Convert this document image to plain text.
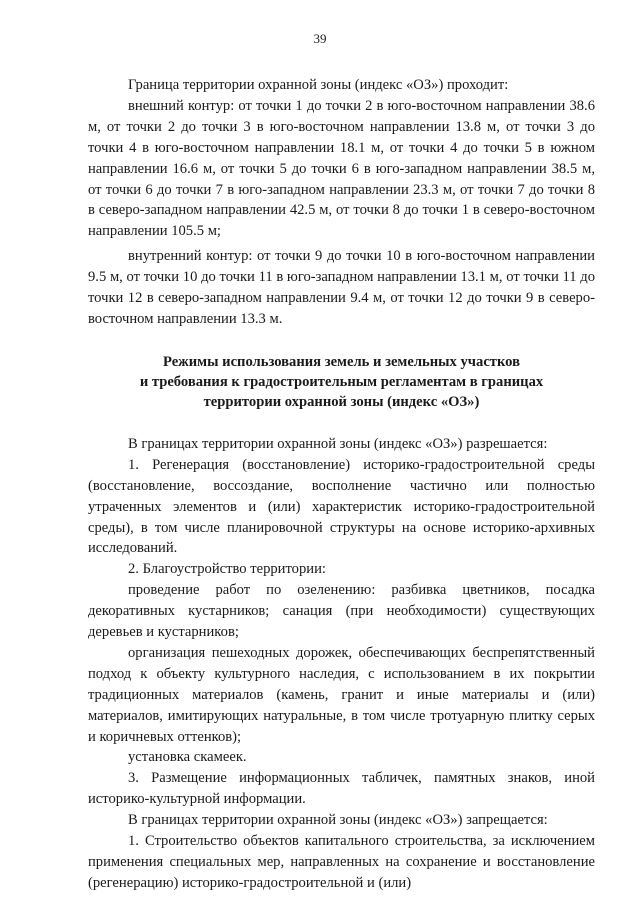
39

Граница территории охранной зоны (индекс «ОЗ») проходит:

внешний контур: от точки 1 до точки 2 в юго-восточном направлении 38.6 м, от точки 2 до точки 3 в юго-восточном направлении 13.8 м, от точки 3 до точки 4 в юго-восточном направлении 18.1 м, от точки 4 до точки 5 в южном направлении 16.6 м, от точки 5 до точки 6 в юго-западном направлении 38.5 м, от точки 6 до точки 7 в юго-западном направлении 23.3 м, от точки 7 до точки 8 в северо-западном направлении 42.5 м, от точки 8 до точки 1 в северо-восточном направлении 105.5 м;

внутренний контур: от точки 9 до точки 10 в юго-восточном направлении 9.5 м, от точки 10 до точки 11 в юго-западном направлении 13.1 м, от точки 11 до точки 12 в северо-западном направлении 9.4 м, от точки 12 до точки 9 в северо-восточном направлении 13.3 м.

Режимы использования земель и земельных участков
и требования к градостроительным регламентам в границах
территории охранной зоны (индекс «ОЗ»)

В границах территории охранной зоны (индекс «ОЗ») разрешается:

1. Регенерация (восстановление) историко-градостроительной среды (восстановление, воссоздание, восполнение частично или полностью утраченных элементов и (или) характеристик историко-градостроительной среды), в том числе планировочной структуры на основе историко-архивных исследований.

2. Благоустройство территории:

проведение работ по озеленению: разбивка цветников, посадка декоративных кустарников; санация (при необходимости) существующих деревьев и кустарников;

организация пешеходных дорожек, обеспечивающих беспрепятственный подход к объекту культурного наследия, с использованием в их покрытии традиционных материалов (камень, гранит и иные материалы и (или) материалов, имитирующих натуральные, в том числе тротуарную плитку серых и коричневых оттенков);

установка скамеек.

3. Размещение информационных табличек, памятных знаков, иной историко-культурной информации.

В границах территории охранной зоны (индекс «ОЗ») запрещается:

1. Строительство объектов капитального строительства, за исключением применения специальных мер, направленных на сохранение и восстановление (регенерацию) историко-градостроительной и (или)
